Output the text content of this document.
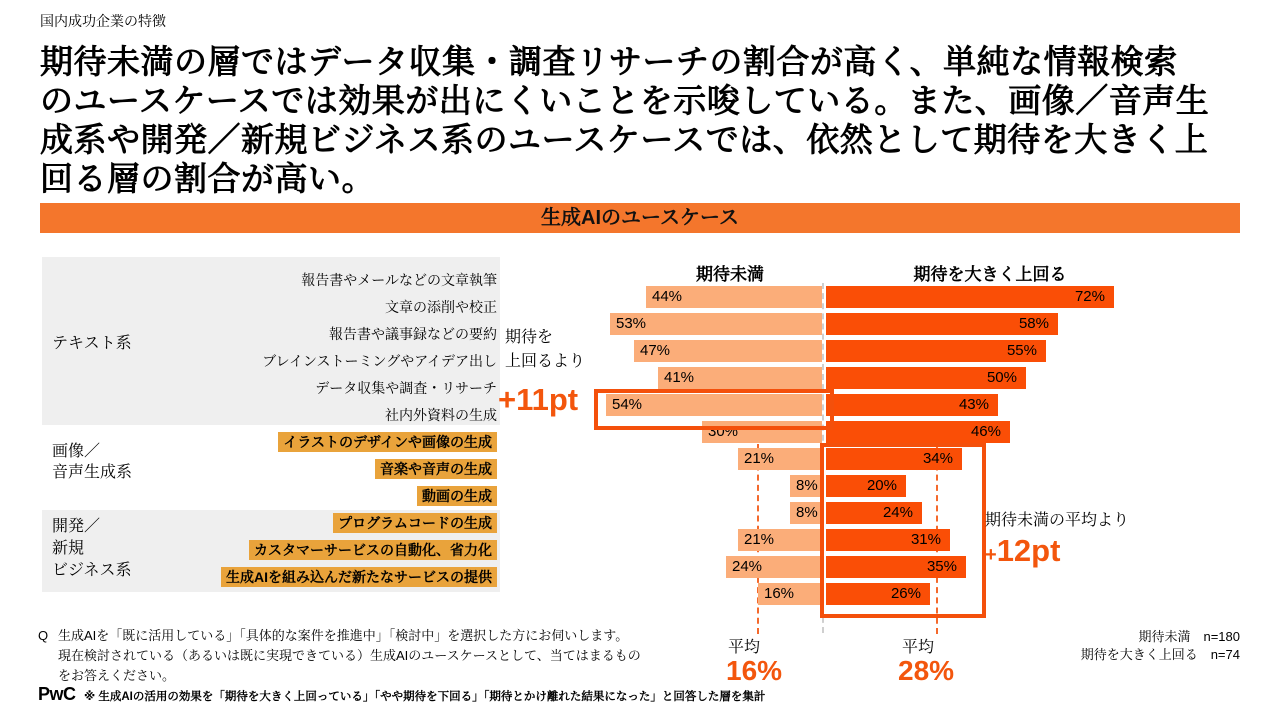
国内成功企業の特徴
期待未満の層ではデータ収集・調査リサーチの割合が高く、単純な情報検索
のユースケースでは効果が出にくいことを示唆している。また、画像／音声生
成系や開発／新規ビジネス系のユースケースでは、依然として期待を大きく上
回る層の割合が高い。
生成AIのユースケース
テキスト系
画像／
音声生成系
開発／
新規
ビジネス系
期待未満	期待を大きく上回る
報告書やメールなどの文章執筆
44%	72%
文章の添削や校正
53%	58%
報告書や議事録などの要約
47%	55%
ブレインストーミングやアイデア出し
41%	50%
データ収集や調査・リサーチ
54%	43%
社内外資料の生成
30%	46%
イラストのデザインや画像の生成
21%	34%
音楽や音声の生成
8%	20%
動画の生成
8%	24%
プログラムコードの生成
21%	31%
カスタマーサービスの自動化、省力化
24%	35%
生成AIを組み込んだ新たなサービスの提供
16%	26%
期待を
上回るより
+11pt
期待未満の平均より
+12pt
平均	平均
16%	28%
期待未満　n=180
期待を大きく上回る　n=74
Q 生成AIを「既に活用している」「具体的な案件を推進中」「検討中」を選択した方にお伺いします。
現在検討されている（あるいは既に実現できている）生成AIのユースケースとして、当てはまるもの
をお答えください。
PwC ※ 生成AIの活用の効果を「期待を大きく上回っている」「やや期待を下回る」「期待とかけ離れた結果になった」と回答した層を集計
